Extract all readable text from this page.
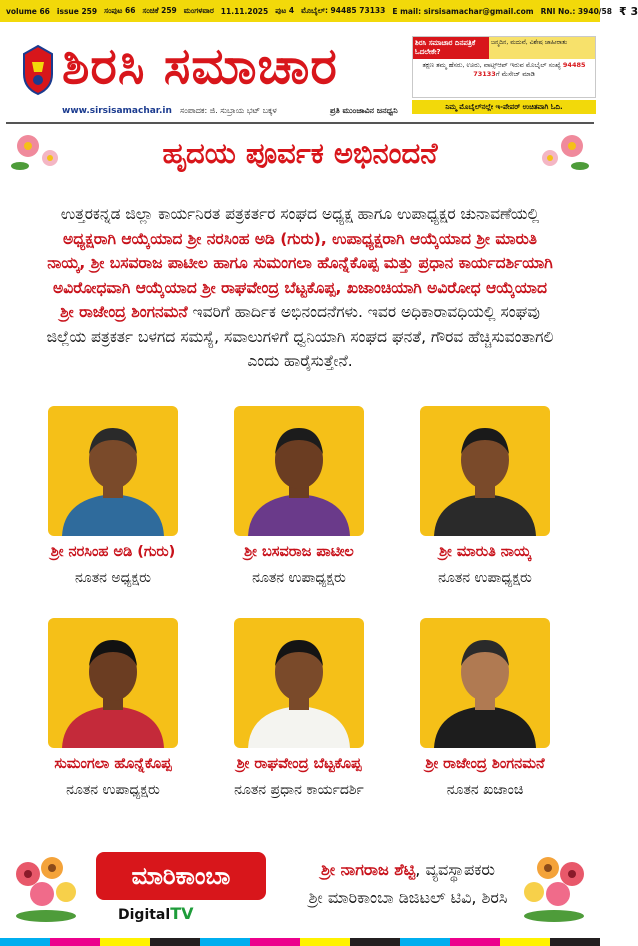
volume 66 issue 259 ಸಂಪುಟ 66 ಸಂಚಿಕೆ 259 ಮಂಗಳವಾರ 11.11.2025 ಪುಟ 4 ಮೊಬೈಲ್: 94485 73133 E mail: sirsisamachar@gmail.com RNI No.: 3940/58 ₹ 3
ಶಿರಸಿ ಸಮಾಚಾರ
www.sirsisamachar.in ಸಂಪಾದಕ: ಜಿ. ಸುಬ್ರಾಯ ಭಟ್ ಬಕ್ಕಳ	ಪ್ರತಿ ಮುಂಜಾವಿನ ಜನಧ್ವನಿ
ಶಿರಸಿ ಸಮಾಚಾರ ದಿನಪತ್ರಿಕೆ ಓದಲೇಕೇ?
ಜನ್ಮದಿನ, ಮದುವೆ, ವಿಶೇಷ ಜಾಹೀರಾತು
ತಕ್ಷಣ ತಮ್ಮ ಹೆಸರು, ಊರು, ವಾಟ್ಸ್ಆಪ್ ಇರುವ ಮೊಬೈಲ್ ಸಂಖ್ಯೆ 94485 73133ಗೆ ಮೆಸೇಜ್ ಮಾಡಿ
ನಿಮ್ಮ ಮೊಬೈಲ್‌ನಲ್ಲೇ ಇ-ಪೇಪರ್ ಉಚಿತವಾಗಿ ಓದಿ.
ಹೃದಯ ಪೂರ್ವಕ ಅಭಿನಂದನೆ
ಉತ್ತರಕನ್ನಡ ಜಿಲ್ಲಾ ಕಾರ್ಯನಿರತ ಪತ್ರಕರ್ತರ ಸಂಘದ ಅಧ್ಯಕ್ಷ ಹಾಗೂ ಉಪಾಧ್ಯಕ್ಷರ ಚುನಾವಣೆಯಲ್ಲಿ ಅಧ್ಯಕ್ಷರಾಗಿ ಆಯ್ಕೆಯಾದ ಶ್ರೀ ನರಸಿಂಹ ಅಡಿ (ಗುರು), ಉಪಾಧ್ಯಕ್ಷರಾಗಿ ಆಯ್ಕೆಯಾದ ಶ್ರೀ ಮಾರುತಿ ನಾಯ್ಕ, ಶ್ರೀ ಬಸವರಾಜ ಪಾಟೀಲ ಹಾಗೂ ಸುಮಂಗಲಾ ಹೊನ್ನೆಕೊಪ್ಪ ಮತ್ತು ಪ್ರಧಾನ ಕಾರ್ಯದರ್ಶಿಯಾಗಿ ಅವಿರೋಧವಾಗಿ ಆಯ್ಕೆಯಾದ ಶ್ರೀ ರಾಘವೇಂದ್ರ ಬೆಟ್ಟಕೊಪ್ಪ, ಖಜಾಂಚಿಯಾಗಿ ಅವಿರೋಧ ಆಯ್ಕೆಯಾದ ಶ್ರೀ ರಾಜೇಂದ್ರ ಶಿಂಗನಮನೆ ಇವರಿಗೆ ಹಾರ್ದಿಕ ಅಭಿನಂದನೆಗಳು. ಇವರ ಅಧಿಕಾರಾವಧಿಯಲ್ಲಿ ಸಂಘವು ಜಿಲ್ಲೆಯ ಪತ್ರಕರ್ತ ಬಳಗದ ಸಮಸ್ಯೆ, ಸವಾಲುಗಳಿಗೆ ಧ್ವನಿಯಾಗಿ ಸಂಘದ ಘನತೆ, ಗೌರವ ಹೆಚ್ಚಿಸುವಂತಾಗಲಿ ಎಂದು ಹಾರೈಸುತ್ತೇನೆ.
ಶ್ರೀ ನರಸಿಂಹ ಅಡಿ (ಗುರು)
ನೂತನ ಅಧ್ಯಕ್ಷರು
ಶ್ರೀ ಬಸವರಾಜ ಪಾಟೀಲ
ನೂತನ ಉಪಾಧ್ಯಕ್ಷರು
ಶ್ರೀ ಮಾರುತಿ ನಾಯ್ಕ
ನೂತನ ಉಪಾಧ್ಯಕ್ಷರು
ಸುಮಂಗಲಾ ಹೊನ್ನೆಕೊಪ್ಪ
ನೂತನ ಉಪಾಧ್ಯಕ್ಷರು
ಶ್ರೀ ರಾಘವೇಂದ್ರ ಬೆಟ್ಟಕೊಪ್ಪ
ನೂತನ ಪ್ರಧಾನ ಕಾರ್ಯದರ್ಶಿ
ಶ್ರೀ ರಾಜೇಂದ್ರ ಶಿಂಗನಮನೆ
ನೂತನ ಖಜಾಂಚಿ
ಮಾರಿಕಾಂಬಾ
DigitalTV
ಶ್ರೀ ನಾಗರಾಜ ಶೆಟ್ಟಿ, ವ್ಯವಸ್ಥಾಪಕರು
ಶ್ರೀ ಮಾರಿಕಾಂಬಾ ಡಿಜಿಟಲ್ ಟಿವಿ, ಶಿರಸಿ
